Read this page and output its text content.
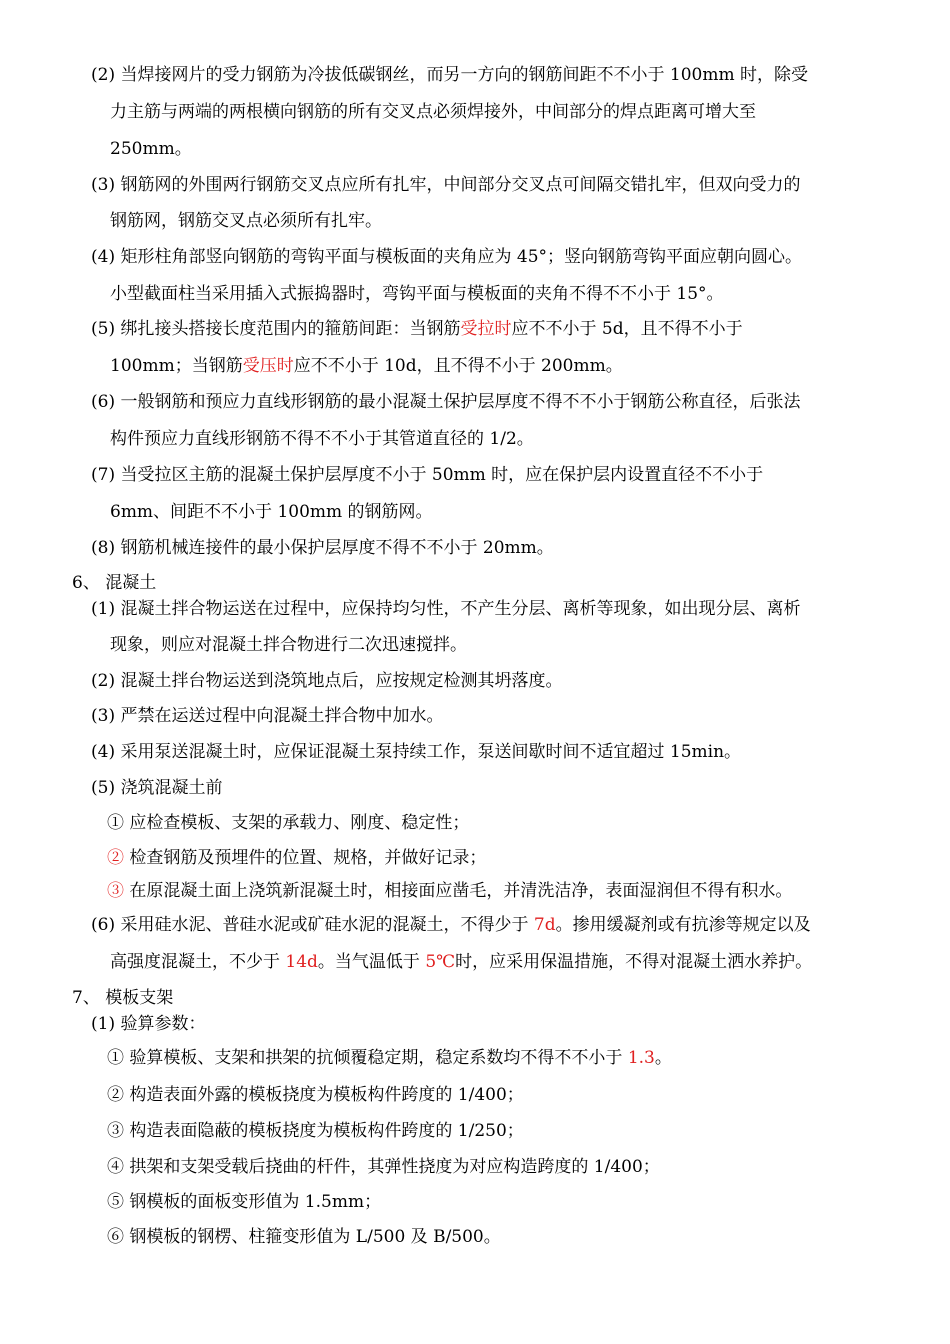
(2) 当焊接网片的受力钢筋为冷拔低碳钢丝，而另一方向的钢筋间距不不小于 100mm 时，除受
力主筋与两端的两根横向钢筋的所有交叉点必须焊接外，中间部分的焊点距离可增大至
250mm。
(3) 钢筋网的外围两行钢筋交叉点应所有扎牢，中间部分交叉点可间隔交错扎牢，但双向受力的
钢筋网，钢筋交叉点必须所有扎牢。
(4) 矩形柱角部竖向钢筋的弯钩平面与模板面的夹角应为 45°；竖向钢筋弯钩平面应朝向圆心。
小型截面柱当采用插入式振捣器时，弯钩平面与模板面的夹角不得不不小于 15°。
(5) 绑扎接头搭接长度范围内的箍筋间距：当钢筋受拉时应不不小于 5d，且不得不小于
100mm；当钢筋受压时应不不小于 10d，且不得不小于 200mm。
(6) 一般钢筋和预应力直线形钢筋的最小混凝土保护层厚度不得不不小于钢筋公称直径，后张法
构件预应力直线形钢筋不得不不小于其管道直径的 1/2。
(7) 当受拉区主筋的混凝土保护层厚度不小于 50mm 时，应在保护层内设置直径不不小于
6mm、间距不不小于 100mm 的钢筋网。
(8) 钢筋机械连接件的最小保护层厚度不得不不小于 20mm。
6、 混凝土
(1) 混凝土拌合物运送在过程中，应保持均匀性，不产生分层、离析等现象，如出现分层、离析
现象，则应对混凝土拌合物进行二次迅速搅拌。
(2) 混凝土拌台物运送到浇筑地点后，应按规定检测其坍落度。
(3) 严禁在运送过程中向混凝土拌合物中加水。
(4) 采用泵送混凝土时，应保证混凝土泵持续工作，泵送间歇时间不适宜超过 15min。
(5) 浇筑混凝土前
① 应检查模板、支架的承载力、刚度、稳定性；
② 检查钢筋及预埋件的位置、规格，并做好记录；
③ 在原混凝土面上浇筑新混凝土时，相接面应凿毛，并清洗洁净，表面湿润但不得有积水。
(6) 采用硅水泥、普硅水泥或矿硅水泥的混凝土，不得少于 7d。掺用缓凝剂或有抗渗等规定以及
高强度混凝土，不少于 14d。当气温低于 5℃时，应采用保温措施，不得对混凝土洒水养护。
7、 模板支架
(1) 验算参数：
① 验算模板、支架和拱架的抗倾覆稳定期，稳定系数均不得不不小于 1.3。
② 构造表面外露的模板挠度为模板构件跨度的 1/400；
③ 构造表面隐蔽的模板挠度为模板构件跨度的 1/250；
④ 拱架和支架受载后挠曲的杆件，其弹性挠度为对应构造跨度的 1/400；
⑤ 钢模板的面板变形值为 1.5mm；
⑥ 钢模板的钢楞、柱箍变形值为 L/500 及 B/500。
